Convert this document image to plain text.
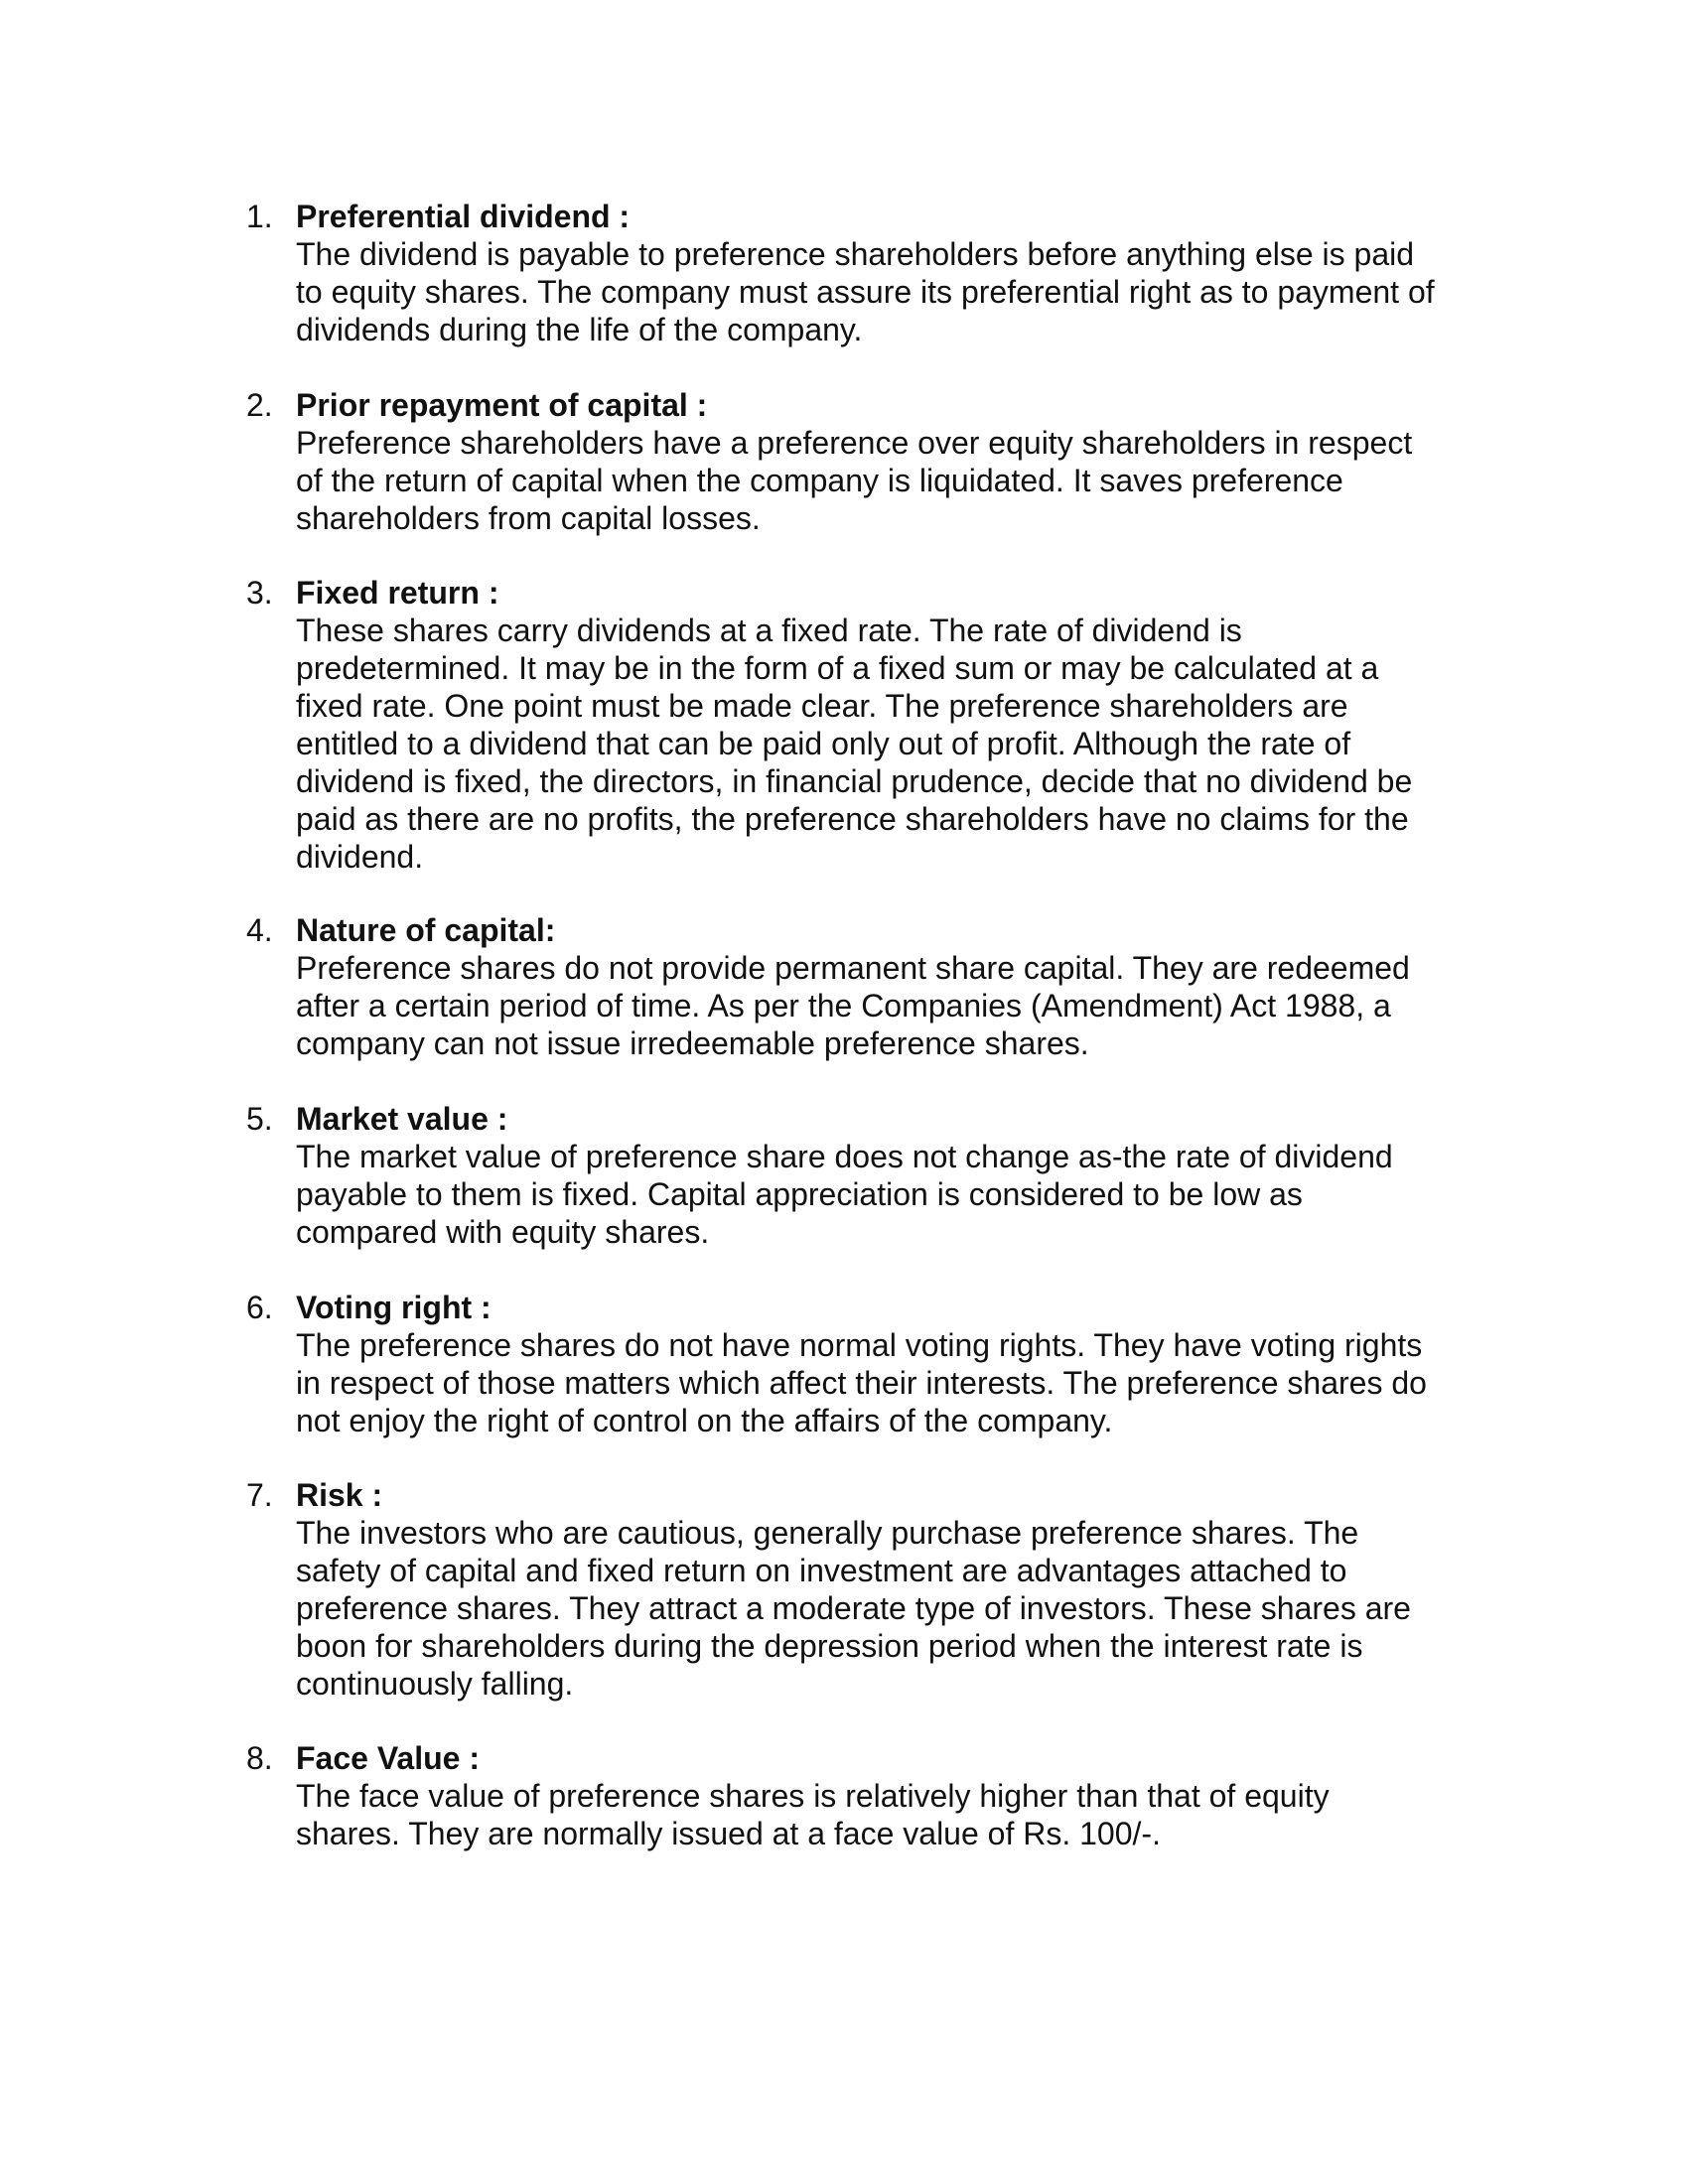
1. Preferential dividend :
The dividend is payable to preference shareholders before anything else is paid
to equity shares. The company must assure its preferential right as to payment of
dividends during the life of the company.
2. Prior repayment of capital :
Preference shareholders have a preference over equity shareholders in respect
of the return of capital when the company is liquidated. It saves preference
shareholders from capital losses.
3. Fixed return :
These shares carry dividends at a fixed rate. The rate of dividend is
predetermined. It may be in the form of a fixed sum or may be calculated at a
fixed rate. One point must be made clear. The preference shareholders are
entitled to a dividend that can be paid only out of profit. Although the rate of
dividend is fixed, the directors, in financial prudence, decide that no dividend be
paid as there are no profits, the preference shareholders have no claims for the
dividend.
4. Nature of capital:
Preference shares do not provide permanent share capital. They are redeemed
after a certain period of time. As per the Companies (Amendment) Act 1988, a
company can not issue irredeemable preference shares.
5. Market value :
The market value of preference share does not change as-the rate of dividend
payable to them is fixed. Capital appreciation is considered to be low as
compared with equity shares.
6. Voting right :
The preference shares do not have normal voting rights. They have voting rights
in respect of those matters which affect their interests. The preference shares do
not enjoy the right of control on the affairs of the company.
7. Risk :
The investors who are cautious, generally purchase preference shares. The
safety of capital and fixed return on investment are advantages attached to
preference shares. They attract a moderate type of investors. These shares are
boon for shareholders during the depression period when the interest rate is
continuously falling.
8. Face Value :
The face value of preference shares is relatively higher than that of equity
shares. They are normally issued at a face value of Rs. 100/-.
